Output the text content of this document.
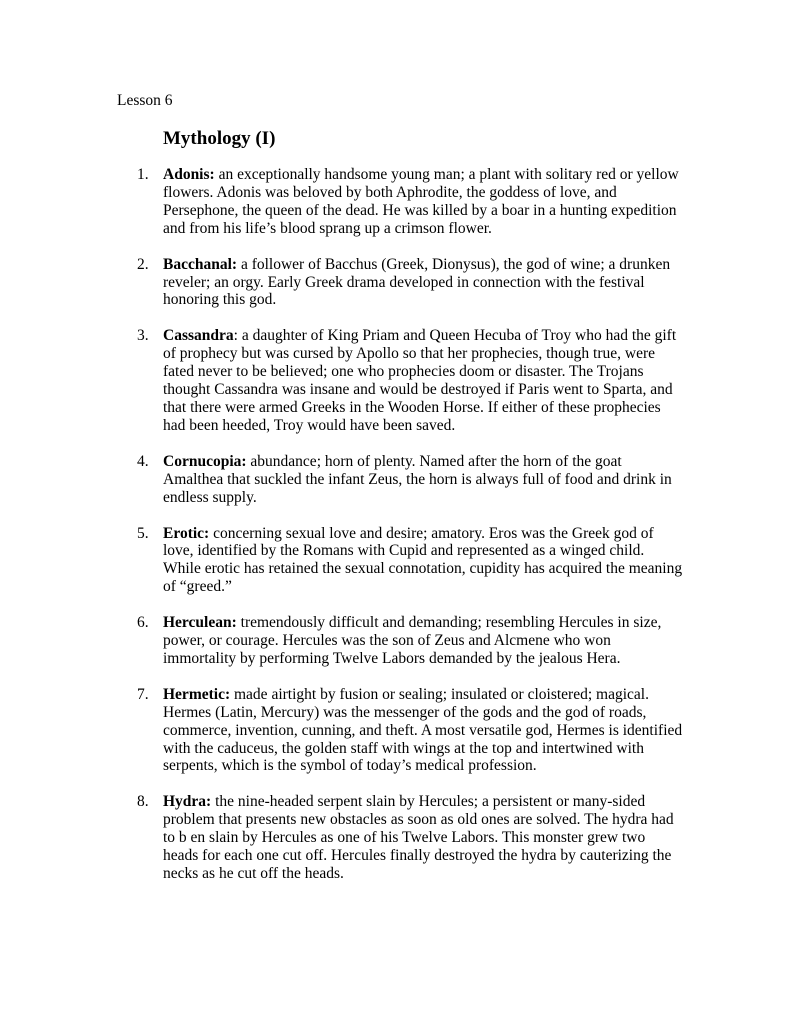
Lesson 6
Mythology (I)
1. Adonis: an exceptionally handsome young man; a plant with solitary red or yellow flowers. Adonis was beloved by both Aphrodite, the goddess of love, and Persephone, the queen of the dead. He was killed by a boar in a hunting expedition and from his life’s blood sprang up a crimson flower.
2. Bacchanal: a follower of Bacchus (Greek, Dionysus), the god of wine; a drunken reveler; an orgy. Early Greek drama developed in connection with the festival honoring this god.
3. Cassandra: a daughter of King Priam and Queen Hecuba of Troy who had the gift of prophecy but was cursed by Apollo so that her prophecies, though true, were fated never to be believed; one who prophecies doom or disaster. The Trojans thought Cassandra was insane and would be destroyed if Paris went to Sparta, and that there were armed Greeks in the Wooden Horse. If either of these prophecies had been heeded, Troy would have been saved.
4. Cornucopia: abundance; horn of plenty. Named after the horn of the goat Amalthea that suckled the infant Zeus, the horn is always full of food and drink in endless supply.
5. Erotic: concerning sexual love and desire; amatory. Eros was the Greek god of love, identified by the Romans with Cupid and represented as a winged child. While erotic has retained the sexual connotation, cupidity has acquired the meaning of “greed.”
6. Herculean: tremendously difficult and demanding; resembling Hercules in size, power, or courage. Hercules was the son of Zeus and Alcmene who won immortality by performing Twelve Labors demanded by the jealous Hera.
7. Hermetic: made airtight by fusion or sealing; insulated or cloistered; magical. Hermes (Latin, Mercury) was the messenger of the gods and the god of roads, commerce, invention, cunning, and theft. A most versatile god, Hermes is identified with the caduceus, the golden staff with wings at the top and intertwined with serpents, which is the symbol of today’s medical profession.
8. Hydra: the nine-headed serpent slain by Hercules; a persistent or many-sided problem that presents new obstacles as soon as old ones are solved. The hydra had to b en slain by Hercules as one of his Twelve Labors. This monster grew two heads for each one cut off. Hercules finally destroyed the hydra by cauterizing the necks as he cut off the heads.
